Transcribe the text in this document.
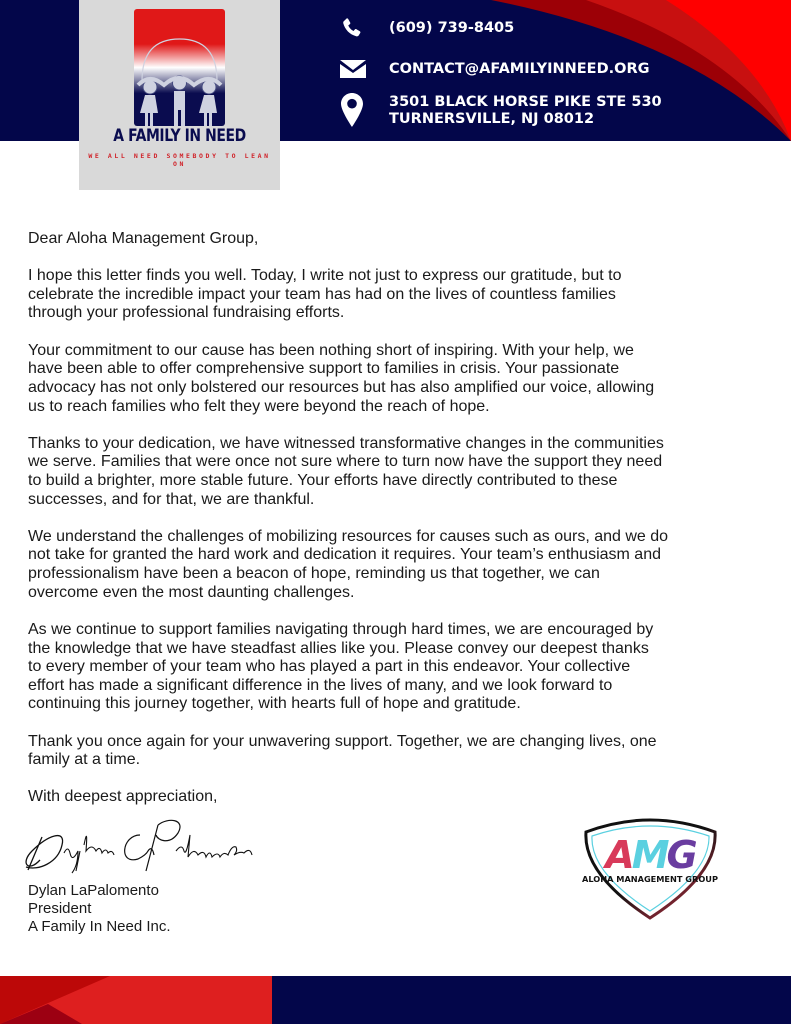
(609) 739-8405
CONTACT@AFAMILYINNEED.ORG
3501 BLACK HORSE PIKE STE 530
TURNERSVILLE, NJ 08012
A FAMILY IN NEED
WE ALL NEED SOMEBODY TO LEAN ON

Dear Aloha Management Group,

I hope this letter finds you well. Today, I write not just to express our gratitude, but to
celebrate the incredible impact your team has had on the lives of countless families
through your professional fundraising efforts.

Your commitment to our cause has been nothing short of inspiring. With your help, we
have been able to offer comprehensive support to families in crisis. Your passionate
advocacy has not only bolstered our resources but has also amplified our voice, allowing
us to reach families who felt they were beyond the reach of hope.

Thanks to your dedication, we have witnessed transformative changes in the communities
we serve. Families that were once not sure where to turn now have the support they need
to build a brighter, more stable future. Your efforts have directly contributed to these
successes, and for that, we are thankful.

We understand the challenges of mobilizing resources for causes such as ours, and we do
not take for granted the hard work and dedication it requires. Your team’s enthusiasm and
professionalism have been a beacon of hope, reminding us that together, we can
overcome even the most daunting challenges.

As we continue to support families navigating through hard times, we are encouraged by
the knowledge that we have steadfast allies like you. Please convey our deepest thanks
to every member of your team who has played a part in this endeavor. Your collective
effort has made a significant difference in the lives of many, and we look forward to
continuing this journey together, with hearts full of hope and gratitude.

Thank you once again for your unwavering support. Together, we are changing lives, one
family at a time.

With deepest appreciation,

Dylan LaPalomento
President
A Family In Need Inc.
AMG
ALOHA MANAGEMENT GROUP
